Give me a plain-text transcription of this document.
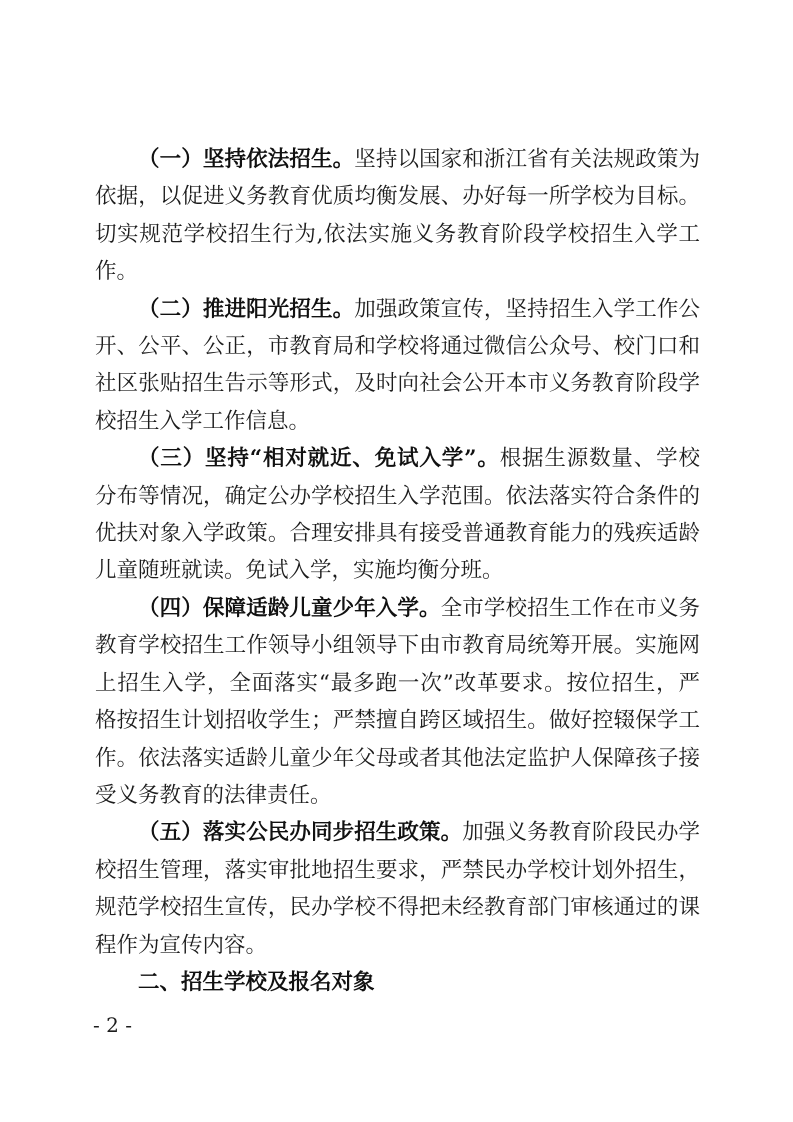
（一）坚持依法招生。坚持以国家和浙江省有关法规政策为
依据，以促进义务教育优质均衡发展、办好每一所学校为目标。
切实规范学校招生行为,依法实施义务教育阶段学校招生入学工
作。
（二）推进阳光招生。加强政策宣传，坚持招生入学工作公
开、公平、公正，市教育局和学校将通过微信公众号、校门口和
社区张贴招生告示等形式，及时向社会公开本市义务教育阶段学
校招生入学工作信息。
（三）坚持“相对就近、免试入学”。根据生源数量、学校
分布等情况，确定公办学校招生入学范围。依法落实符合条件的
优扶对象入学政策。合理安排具有接受普通教育能力的残疾适龄
儿童随班就读。免试入学，实施均衡分班。
（四）保障适龄儿童少年入学。全市学校招生工作在市义务
教育学校招生工作领导小组领导下由市教育局统筹开展。实施网
上招生入学，全面落实“最多跑一次”改革要求。按位招生，严
格按招生计划招收学生；严禁擅自跨区域招生。做好控辍保学工
作。依法落实适龄儿童少年父母或者其他法定监护人保障孩子接
受义务教育的法律责任。
（五）落实公民办同步招生政策。加强义务教育阶段民办学
校招生管理，落实审批地招生要求，严禁民办学校计划外招生，
规范学校招生宣传，民办学校不得把未经教育部门审核通过的课
程作为宣传内容。
二、招生学校及报名对象
- 2 -
